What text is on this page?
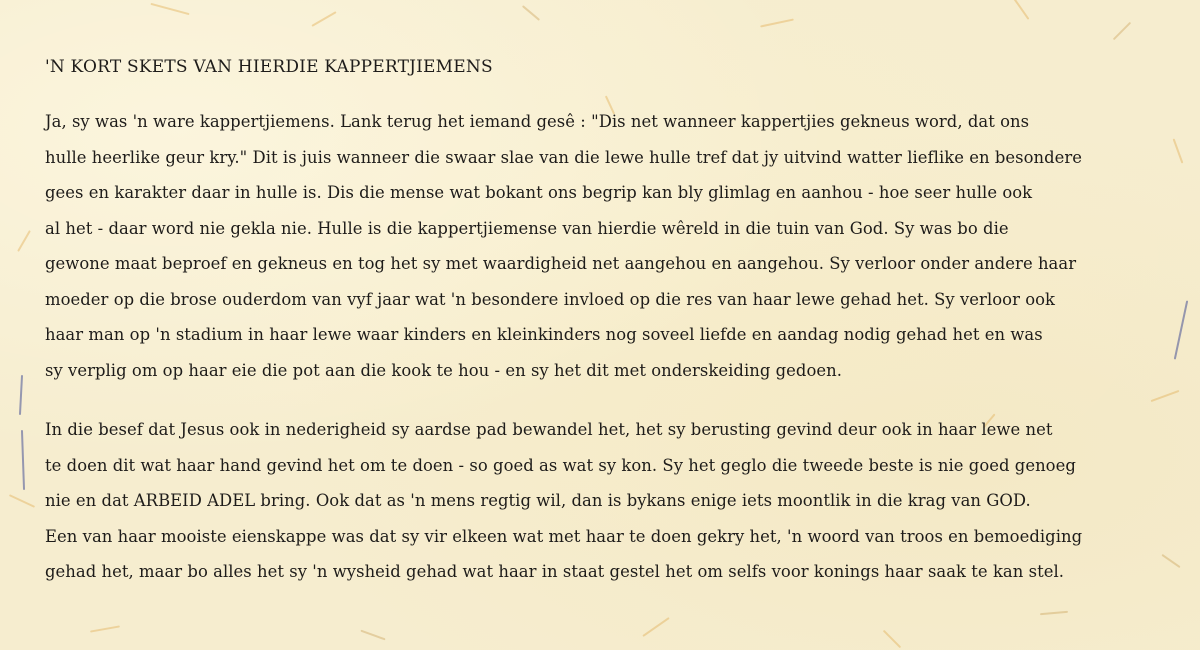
'N KORT SKETS VAN HIERDIE KAPPERTJIEMENS
Ja, sy was 'n ware kappertjiemens. Lank terug het iemand gesê : "Dis net wanneer kappertjies gekneus word, dat ons
hulle heerlike geur kry." Dit is juis wanneer die swaar slae van die lewe hulle tref dat jy uitvind watter lieflike en besondere
gees en karakter daar in hulle is. Dis die mense wat bokant ons begrip kan bly glimlag en aanhou - hoe seer hulle ook
al het - daar word nie gekla nie. Hulle is die kappertjiemense van hierdie wêreld in die tuin van God. Sy was bo die
gewone maat beproef en gekneus en tog het sy met waardigheid net aangehou en aangehou. Sy verloor onder andere haar
moeder op die brose ouderdom van vyf jaar wat 'n besondere invloed op die res van haar lewe gehad het. Sy verloor ook
haar man op 'n stadium in haar lewe waar kinders en kleinkinders nog soveel liefde en aandag nodig gehad het en was
sy verplig om op haar eie die pot aan die kook te hou - en sy het dit met onderskeiding gedoen.
In die besef dat Jesus ook in nederigheid sy aardse pad bewandel het, het sy berusting gevind deur ook in haar lewe net
te doen dit wat haar hand gevind het om te doen - so goed as wat sy kon. Sy het geglo die tweede beste is nie goed genoeg
nie en dat ARBEID ADEL bring. Ook dat as 'n mens regtig wil, dan is bykans enige iets moontlik in die krag van GOD.
Een van haar mooiste eienskappe was dat sy vir elkeen wat met haar te doen gekry het, 'n woord van troos en bemoediging
gehad het, maar bo alles het sy 'n wysheid gehad wat haar in staat gestel het om selfs voor konings haar saak te kan stel.
